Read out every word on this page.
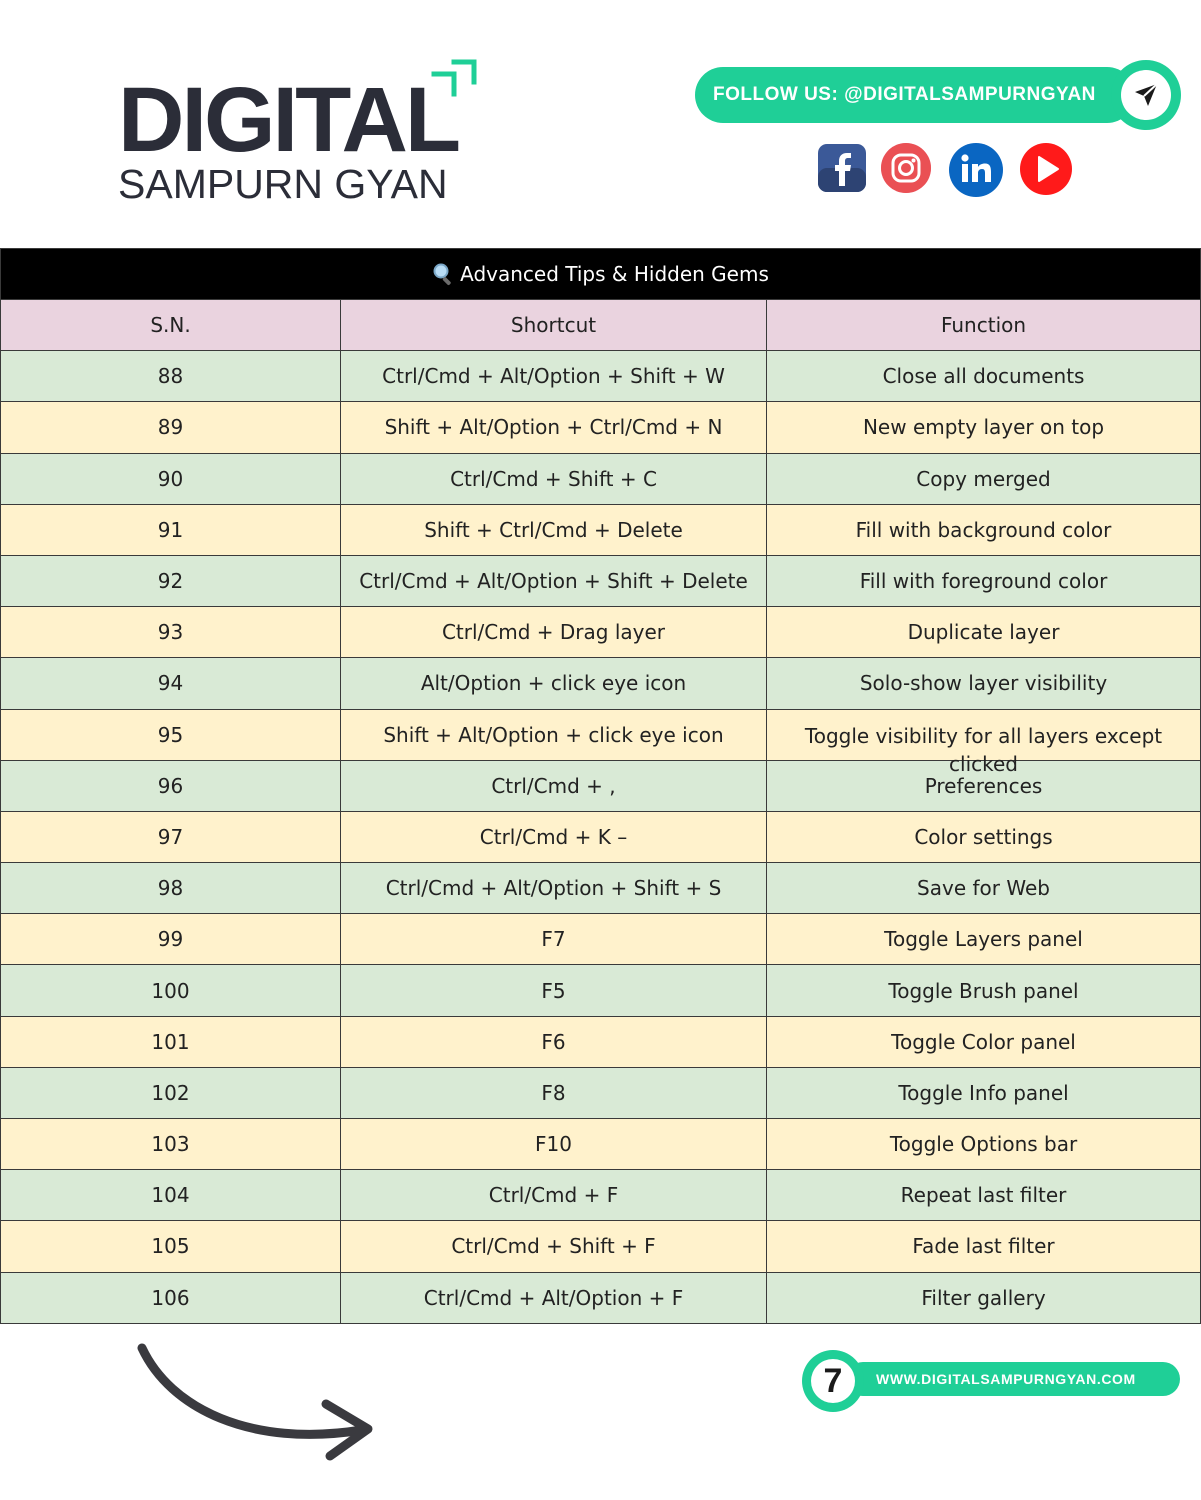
DIGITAL
SAMPURN GYAN
FOLLOW US: @DIGITALSAMPURNGYAN
Advanced Tips & Hidden Gems		
S.N.	Shortcut	Function
88	Ctrl/Cmd + Alt/Option + Shift + W	Close all documents
89	Shift + Alt/Option + Ctrl/Cmd + N	New empty layer on top
90	Ctrl/Cmd + Shift + C	Copy merged
91	Shift + Ctrl/Cmd + Delete	Fill with background color
92	Ctrl/Cmd + Alt/Option + Shift + Delete	Fill with foreground color
93	Ctrl/Cmd + Drag layer	Duplicate layer
94	Alt/Option + click eye icon	Solo-show layer visibility
95	Shift + Alt/Option + click eye icon	Toggle visibility for all layers except clicked

96	Ctrl/Cmd + ,	Preferences
97	Ctrl/Cmd + K –	Color settings
98	Ctrl/Cmd + Alt/Option + Shift + S	Save for Web
99	F7	Toggle Layers panel
100	F5	Toggle Brush panel
101	F6	Toggle Color panel
102	F8	Toggle Info panel
103	F10	Toggle Options bar
104	Ctrl/Cmd + F	Repeat last filter
105	Ctrl/Cmd + Shift + F	Fade last filter
106	Ctrl/Cmd + Alt/Option + F	Filter gallery
WWW.DIGITALSAMPURNGYAN.COM
7
